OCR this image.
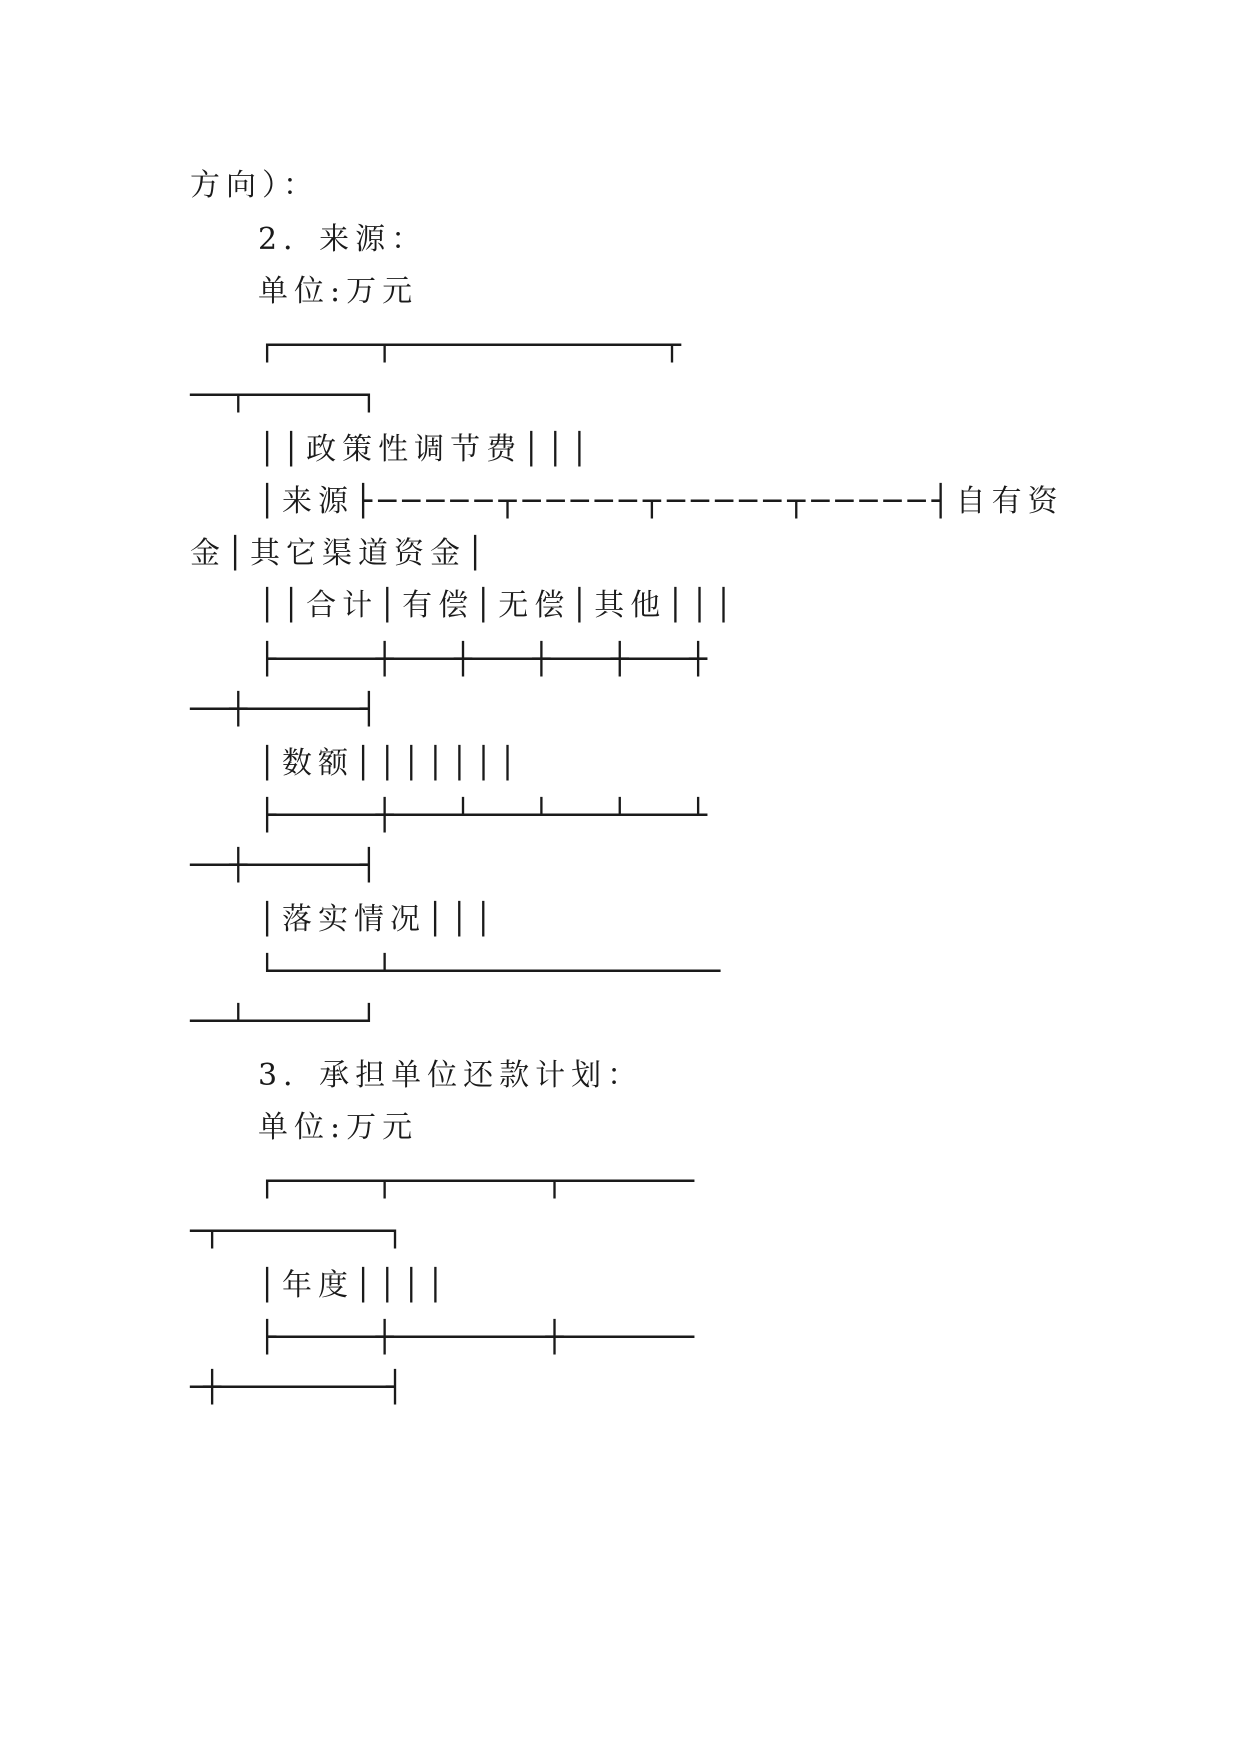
方向）：
2．来源：
单位:万元
┌────────┬─────────────────────┬
───┬─────────┐
││政策性调节费│││
│来源├─────┬─────┬─────┬─────┤自有资
金│其它渠道资金│
││合计│有偿│无偿│其他│││
├────────┼─────┼─────┼─────┼─────┼
───┼─────────┤
│数额│││││││
├────────┼─────┴─────┴─────┴─────┴
───┼─────────┤
│落实情况│││
└────────┴─────────────────────────
───┴─────────┘
3．承担单位还款计划：
单位:万元
┌────────┬────────────┬──────────
─┬─────────────┐
│年度││││
├────────┼────────────┼──────────
─┼─────────────┤
